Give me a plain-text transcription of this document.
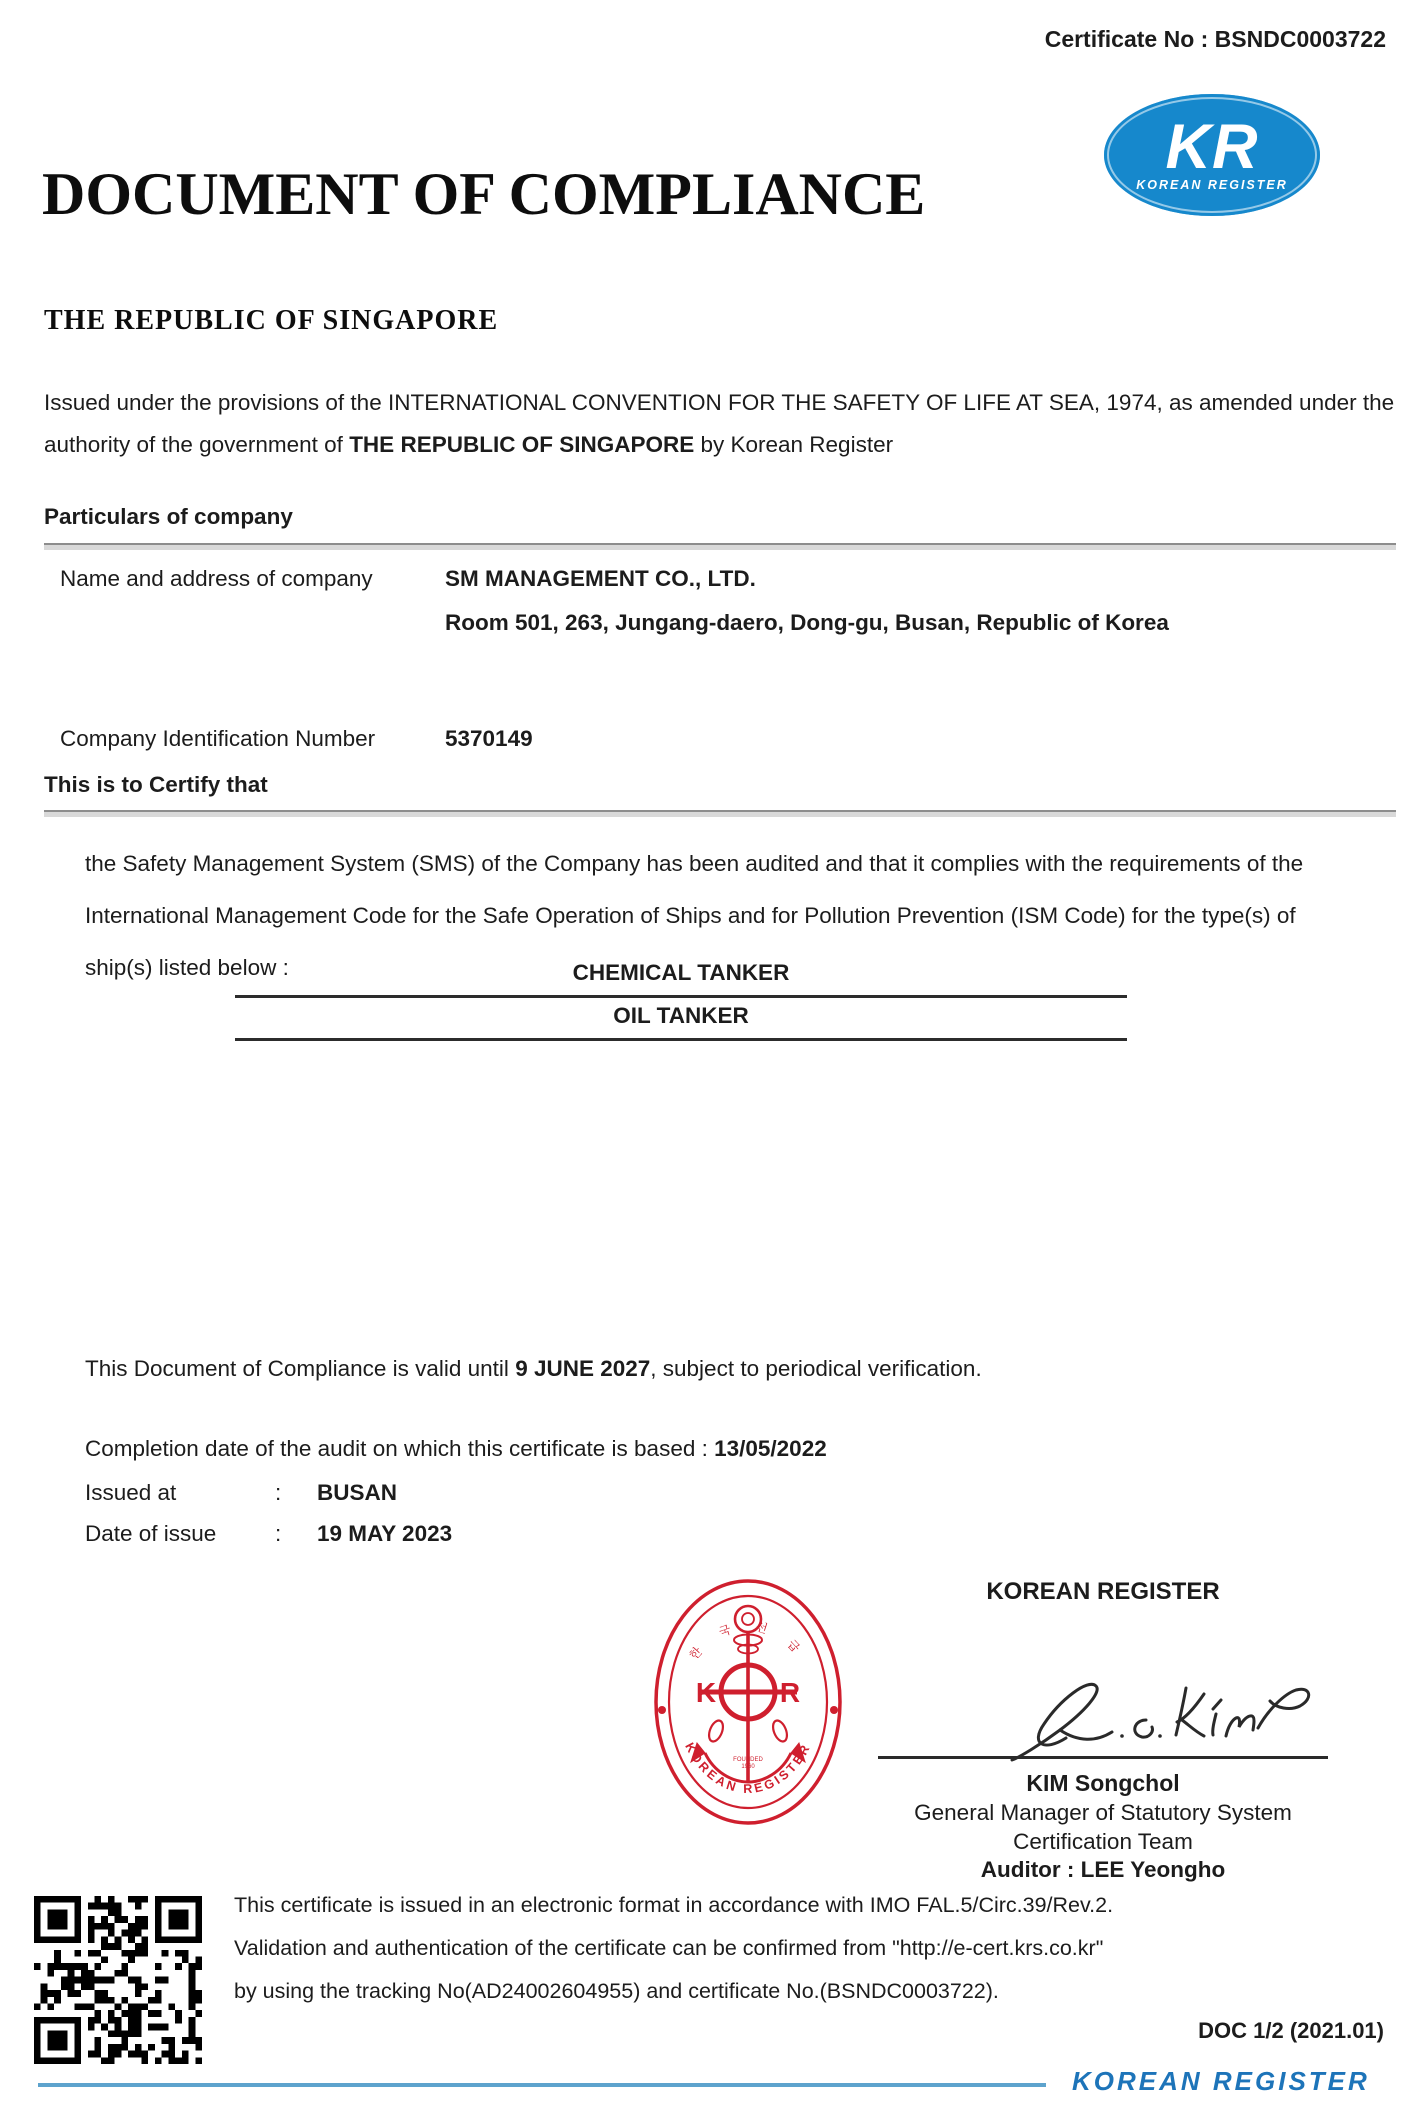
Certificate No : BSNDC0003722
KR
KOREAN REGISTER
DOCUMENT OF COMPLIANCE
THE REPUBLIC OF SINGAPORE
Issued under the provisions of the INTERNATIONAL CONVENTION FOR THE SAFETY OF LIFE AT SEA, 1974, as amended under the authority of the government of THE REPUBLIC OF SINGAPORE by Korean Register
Particulars of company
Name and address of company	SM MANAGEMENT CO., LTD.
Room 501, 263, Jungang-daero, Dong-gu, Busan, Republic of Korea
Company Identification Number	5370149
This is to Certify that
the Safety Management System (SMS) of the Company has been audited and that it complies with the requirements of the International Management Code for the Safe Operation of Ships and for Pollution Prevention (ISM Code) for the type(s) of ship(s) listed below :	CHEMICAL TANKER
OIL TANKER
This Document of Compliance is valid until 9 JUNE 2027, subject to periodical verification.
Completion date of the audit on which this certificate is based : 13/05/2022
Issued at	:	BUSAN
Date of issue	:	19 MAY 2023
K R
FOUNDED
1960
한 국 선 급
KOREAN REGISTER
KOREAN REGISTER
KIM Songchol
General Manager of Statutory System
Certification Team
Auditor : LEE Yeongho
This certificate is issued in an electronic format in accordance with IMO FAL.5/Circ.39/Rev.2.
Validation and authentication of the certificate can be confirmed from "http://e-cert.krs.co.kr"
by using the tracking No(AD24002604955) and certificate No.(BSNDC0003722).
DOC 1/2 (2021.01)
KOREAN REGISTER
